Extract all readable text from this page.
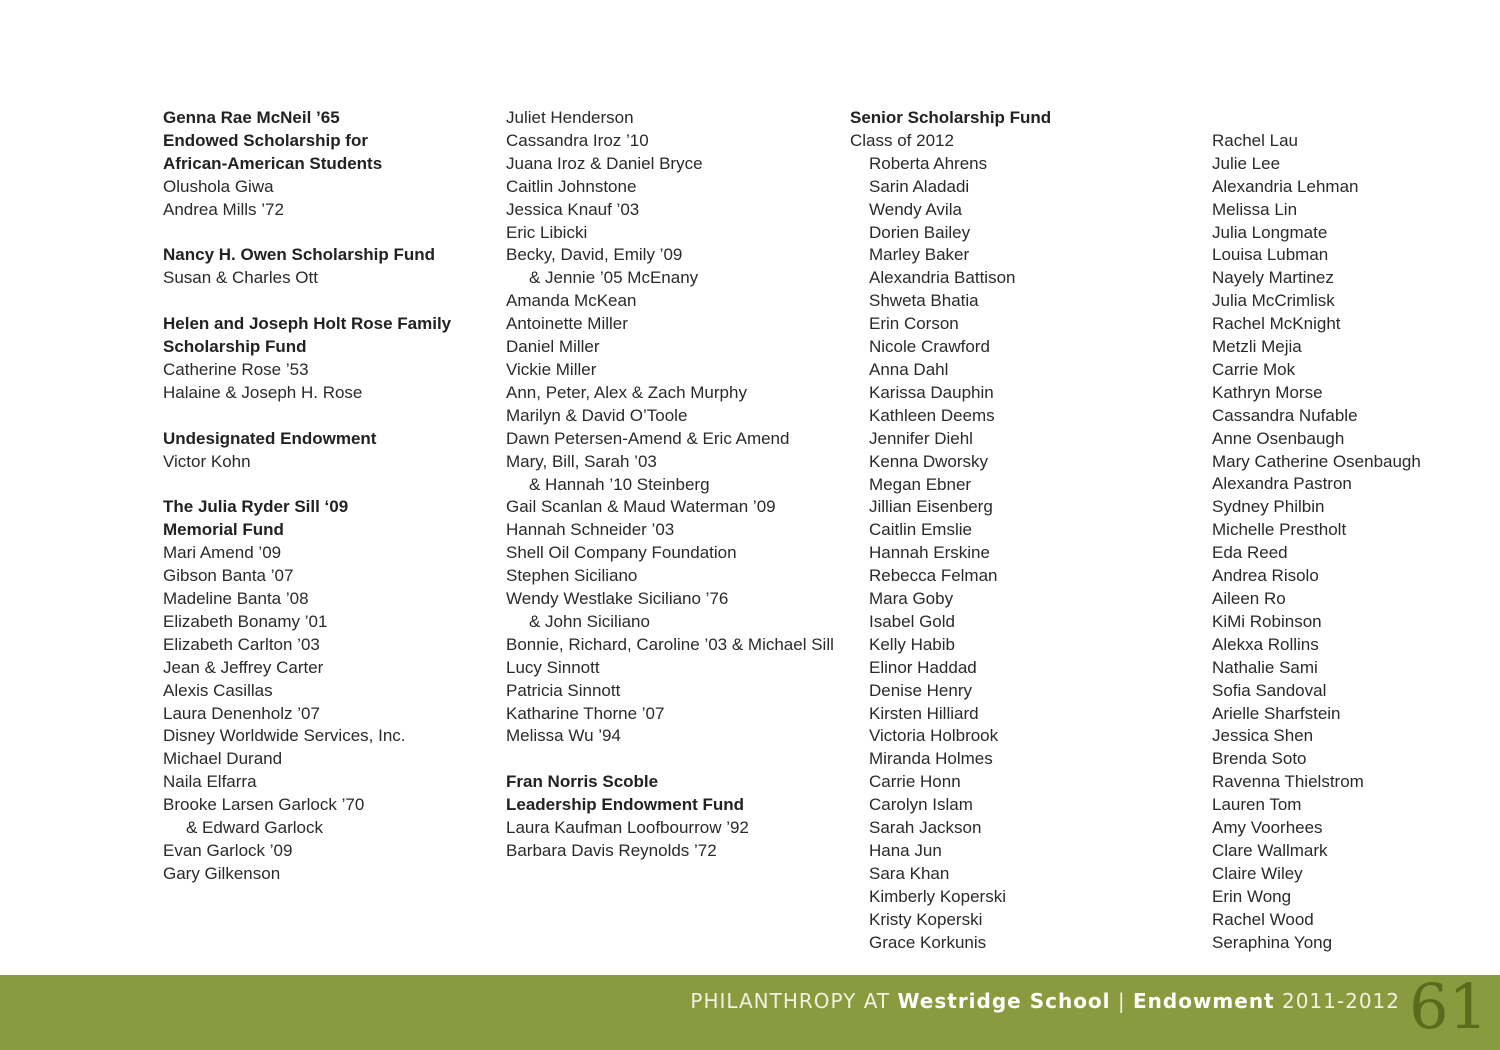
Genna Rae McNeil ’65
Endowed Scholarship for
African-American Students
Olushola Giwa
Andrea Mills ’72
Nancy H. Owen Scholarship Fund
Susan & Charles Ott
Helen and Joseph Holt Rose Family
Scholarship Fund
Catherine Rose ’53
Halaine & Joseph H. Rose
Undesignated Endowment
Victor Kohn
The Julia Ryder Sill ‘09
Memorial Fund
Mari Amend ’09
Gibson Banta ’07
Madeline Banta ’08
Elizabeth Bonamy ’01
Elizabeth Carlton ’03
Jean & Jeffrey Carter
Alexis Casillas
Laura Denenholz ’07
Disney Worldwide Services, Inc.
Michael Durand
Naila Elfarra
Brooke Larsen Garlock ’70
& Edward Garlock
Evan Garlock ’09
Gary Gilkenson
Juliet Henderson
Cassandra Iroz ’10
Juana Iroz & Daniel Bryce
Caitlin Johnstone
Jessica Knauf ’03
Eric Libicki
Becky, David, Emily ’09
& Jennie ’05 McEnany
Amanda McKean
Antoinette Miller
Daniel Miller
Vickie Miller
Ann, Peter, Alex & Zach Murphy
Marilyn & David O’Toole
Dawn Petersen-Amend & Eric Amend
Mary, Bill, Sarah ’03
& Hannah ’10 Steinberg
Gail Scanlan & Maud Waterman ’09
Hannah Schneider ’03
Shell Oil Company Foundation
Stephen Siciliano
Wendy Westlake Siciliano ’76
& John Siciliano
Bonnie, Richard, Caroline ’03 & Michael Sill
Lucy Sinnott
Patricia Sinnott
Katharine Thorne ’07
Melissa Wu ’94
Fran Norris Scoble
Leadership Endowment Fund
Laura Kaufman Loofbourrow ’92
Barbara Davis Reynolds ’72
Senior Scholarship Fund
Class of 2012
Roberta Ahrens
Sarin Aladadi
Wendy Avila
Dorien Bailey
Marley Baker
Alexandria Battison
Shweta Bhatia
Erin Corson
Nicole Crawford
Anna Dahl
Karissa Dauphin
Kathleen Deems
Jennifer Diehl
Kenna Dworsky
Megan Ebner
Jillian Eisenberg
Caitlin Emslie
Hannah Erskine
Rebecca Felman
Mara Goby
Isabel Gold
Kelly Habib
Elinor Haddad
Denise Henry
Kirsten Hilliard
Victoria Holbrook
Miranda Holmes
Carrie Honn
Carolyn Islam
Sarah Jackson
Hana Jun
Sara Khan
Kimberly Koperski
Kristy Koperski
Grace Korkunis
Rachel Lau
Julie Lee
Alexandria Lehman
Melissa Lin
Julia Longmate
Louisa Lubman
Nayely Martinez
Julia McCrimlisk
Rachel McKnight
Metzli Mejia
Carrie Mok
Kathryn Morse
Cassandra Nufable
Anne Osenbaugh
Mary Catherine Osenbaugh
Alexandra Pastron
Sydney Philbin
Michelle Prestholt
Eda Reed
Andrea Risolo
Aileen Ro
KiMi Robinson
Alekxa Rollins
Nathalie Sami
Sofia Sandoval
Arielle Sharfstein
Jessica Shen
Brenda Soto
Ravenna Thielstrom
Lauren Tom
Amy Voorhees
Clare Wallmark
Claire Wiley
Erin Wong
Rachel Wood
Seraphina Yong
PHILANTHROPY AT Westridge School | Endowment 2011-2012 61
